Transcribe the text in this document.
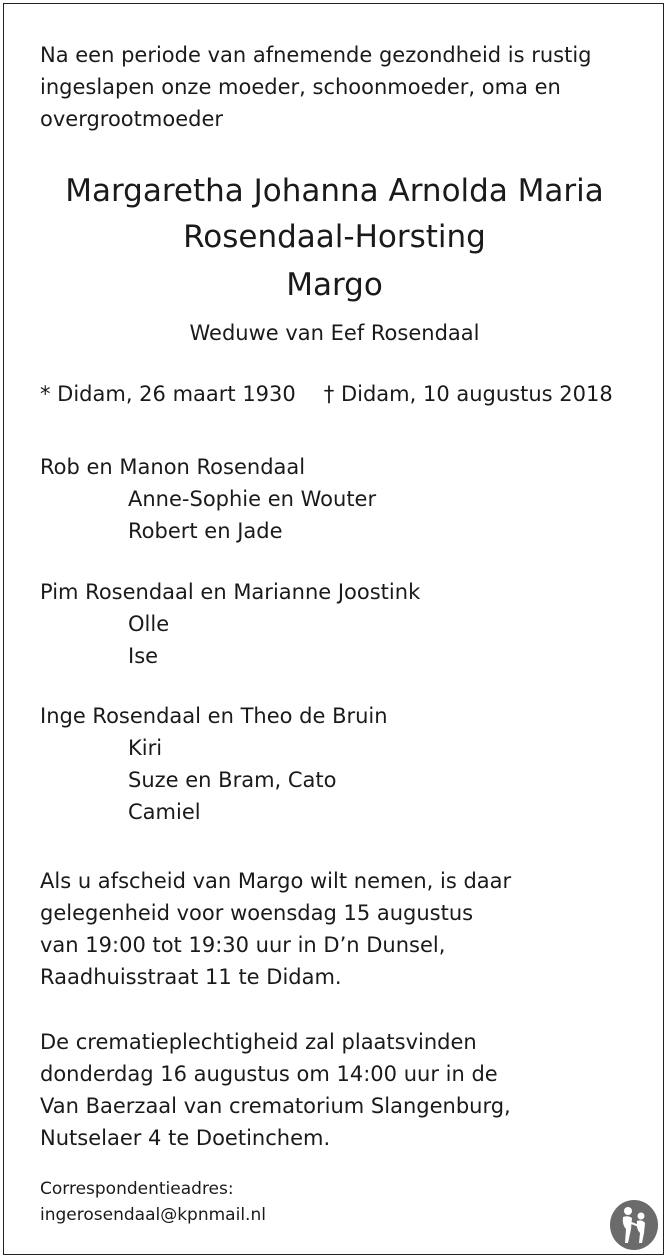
Na een periode van afnemende gezondheid is rustig
ingeslapen onze moeder, schoonmoeder, oma en
overgrootmoeder
Margaretha Johanna Arnolda Maria
Rosendaal-Horsting
Margo
Weduwe van Eef Rosendaal
* Didam, 26 maart 1930 † Didam, 10 augustus 2018
Rob en Manon Rosendaal
Anne-Sophie en Wouter
Robert en Jade
Pim Rosendaal en Marianne Joostink
Olle
Ise
Inge Rosendaal en Theo de Bruin
Kiri
Suze en Bram, Cato
Camiel
Als u afscheid van Margo wilt nemen, is daar
gelegenheid voor woensdag 15 augustus
van 19:00 tot 19:30 uur in D’n Dunsel,
Raadhuisstraat 11 te Didam.
De crematieplechtigheid zal plaatsvinden
donderdag 16 augustus om 14:00 uur in de
Van Baerzaal van crematorium Slangenburg,
Nutselaer 4 te Doetinchem.
Correspondentieadres:
ingerosendaal@kpnmail.nl
